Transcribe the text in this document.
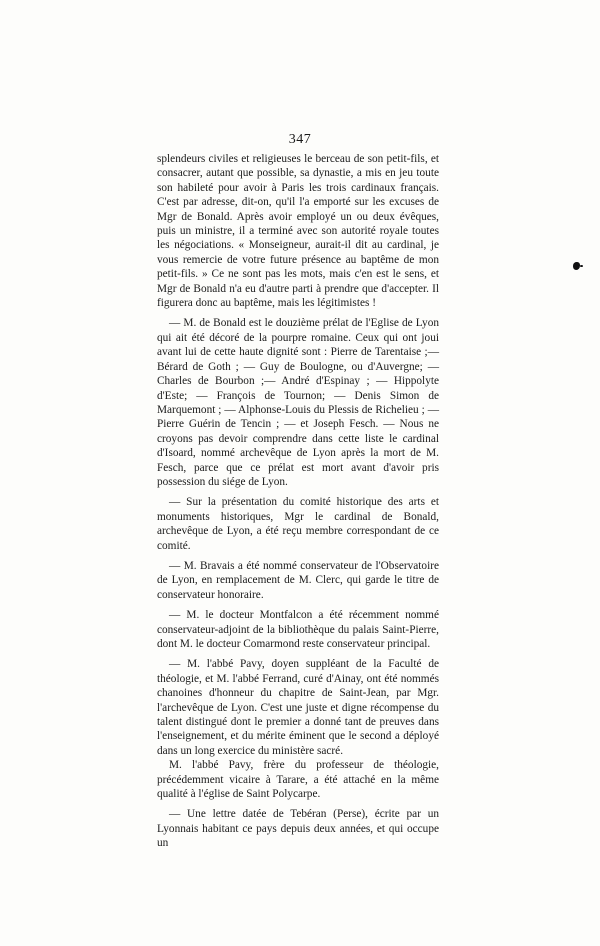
347

splendeurs civiles et religieuses le berceau de son petit-fils, et consacrer, autant que possible, sa dynastie, a mis en jeu toute son habileté pour avoir à Paris les trois cardinaux français. C'est par adresse, dit-on, qu'il l'a emporté sur les excuses de Mgr de Bonald. Après avoir employé un ou deux évêques, puis un ministre, il a terminé avec son autorité royale toutes les négociations. « Monseigneur, aurait-il dit au cardinal, je vous remercie de votre future présence au baptême de mon petit-fils. » Ce ne sont pas les mots, mais c'en est le sens, et Mgr de Bonald n'a eu d'autre parti à prendre que d'accepter. Il figurera donc au baptême, mais les légitimistes !

— M. de Bonald est le douzième prélat de l'Eglise de Lyon qui ait été décoré de la pourpre romaine. Ceux qui ont joui avant lui de cette haute dignité sont : Pierre de Tarentaise ;— Bérard de Goth ; — Guy de Boulogne, ou d'Auvergne; — Charles de Bourbon ;— André d'Espinay ; — Hippolyte d'Este; — François de Tournon; — Denis Simon de Marquemont ; — Alphonse-Louis du Plessis de Richelieu ; — Pierre Guérin de Tencin ; — et Joseph Fesch. — Nous ne croyons pas devoir comprendre dans cette liste le cardinal d'Isoard, nommé archevêque de Lyon après la mort de M. Fesch, parce que ce prélat est mort avant d'avoir pris possession du siége de Lyon.

— Sur la présentation du comité historique des arts et monuments historiques, Mgr le cardinal de Bonald, archevêque de Lyon, a été reçu membre correspondant de ce comité.

— M. Bravais a été nommé conservateur de l'Observatoire de Lyon, en remplacement de M. Clerc, qui garde le titre de conservateur honoraire.

— M. le docteur Montfalcon a été récemment nommé conservateur-adjoint de la bibliothèque du palais Saint-Pierre, dont M. le docteur Comarmond reste conservateur principal.

— M. l'abbé Pavy, doyen suppléant de la Faculté de théologie, et M. l'abbé Ferrand, curé d'Ainay, ont été nommés chanoines d'honneur du chapitre de Saint-Jean, par Mgr. l'archevêque de Lyon. C'est une juste et digne récompense du talent distingué dont le premier a donné tant de preuves dans l'enseignement, et du mérite éminent que le second a déployé dans un long exercice du ministère sacré.

M. l'abbé Pavy, frère du professeur de théologie, précédemment vicaire à Tarare, a été attaché en la même qualité à l'église de Saint Polycarpe.

— Une lettre datée de Tebéran (Perse), écrite par un Lyonnais habitant ce pays depuis deux années, et qui occupe un
